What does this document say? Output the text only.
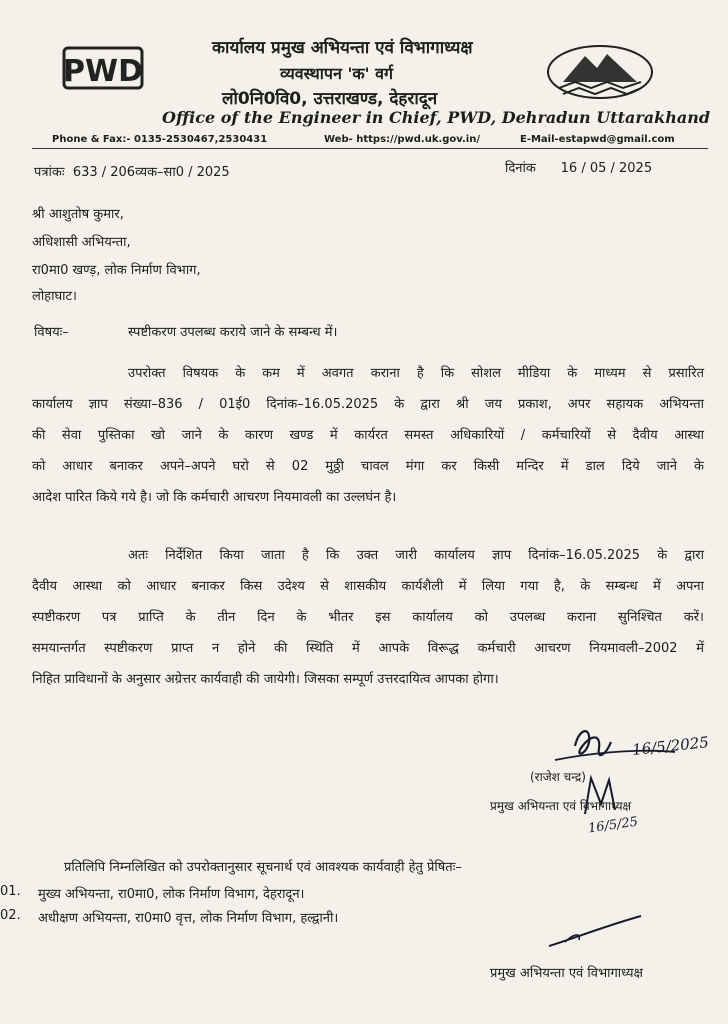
PWD
कार्यालय प्रमुख अभियन्ता एवं विभागाध्यक्ष
व्यवस्थापन 'क' वर्ग
लो0नि0वि0, उत्तराखण्ड, देहरादून
Office of the Engineer in Chief, PWD, Dehradun Uttarakhand
Phone & Fax:- 0135-2530467,2530431	Web- https://pwd.uk.gov.in/	E-Mail-estapwd@gmail.com
पत्रांकः 633 / 206व्यक–सा0 / 2025	दिनांक 16 / 05 / 2025
श्री आशुतोष कुमार,
अधिशासी अभियन्ता,
रा0मा0 खण्ड़, लोक निर्माण विभाग,
लोहाघाट।
विषयः–	स्पष्टीकरण उपलब्ध कराये जाने के सम्बन्ध में।
उपरोक्त विषयक के कम में अवगत कराना है कि सोशल मीडिया के माध्यम से प्रसारित
कार्यालय ज्ञाप संख्या–836 / 01ई0 दिनांक–16.05.2025 के द्वारा श्री जय प्रकाश, अपर सहायक अभियन्ता
की सेवा पुस्तिका खो जाने के कारण खण्ड में कार्यरत समस्त अधिकारियों / कर्मचारियों से दैवीय आस्था
को आधार बनाकर अपने–अपने घरो से 02 मुठ्ठी चावल मंगा कर किसी मन्दिर में डाल दिये जाने के
आदेश पारित किये गये है। जो कि कर्मचारी आचरण नियमावली का उल्लघंन है।
अतः निर्देशित किया जाता है कि उक्त जारी कार्यालय ज्ञाप दिनांक–16.05.2025 के द्वारा
दैवीय आस्था को आधार बनाकर किस उदेश्य से शासकीय कार्यशैली में लिया गया है, के सम्बन्ध में अपना
स्पष्टीकरण पत्र प्राप्ति के तीन दिन के भीतर इस कार्यालय को उपलब्ध कराना सुनिश्चित करें।
समयान्तर्गत स्पष्टीकरण प्राप्त न होने की स्थिति में आपके विरूद्ध कर्मचारी आचरण नियमावली–2002 में
निहित प्राविधानों के अनुसार अग्रेत्तर कार्यवाही की जायेगी। जिसका सम्पूर्ण उत्तरदायित्व आपका होगा।
16/5/2025
(राजेश चन्द्र)
प्रमुख अभियन्ता एवं विभागाध्यक्ष
16/5/25
प्रतिलिपि निम्नलिखित को उपरोक्तानुसार सूचनार्थ एवं आवश्यक कार्यवाही हेतु प्रेषितः–
01. मुख्य अभियन्ता, रा0मा0, लोक निर्माण विभाग, देहरादून।
02. अधीक्षण अभियन्ता, रा0मा0 वृत्त, लोक निर्माण विभाग, हल्द्वानी।
प्रमुख अभियन्ता एवं विभागाध्यक्ष
